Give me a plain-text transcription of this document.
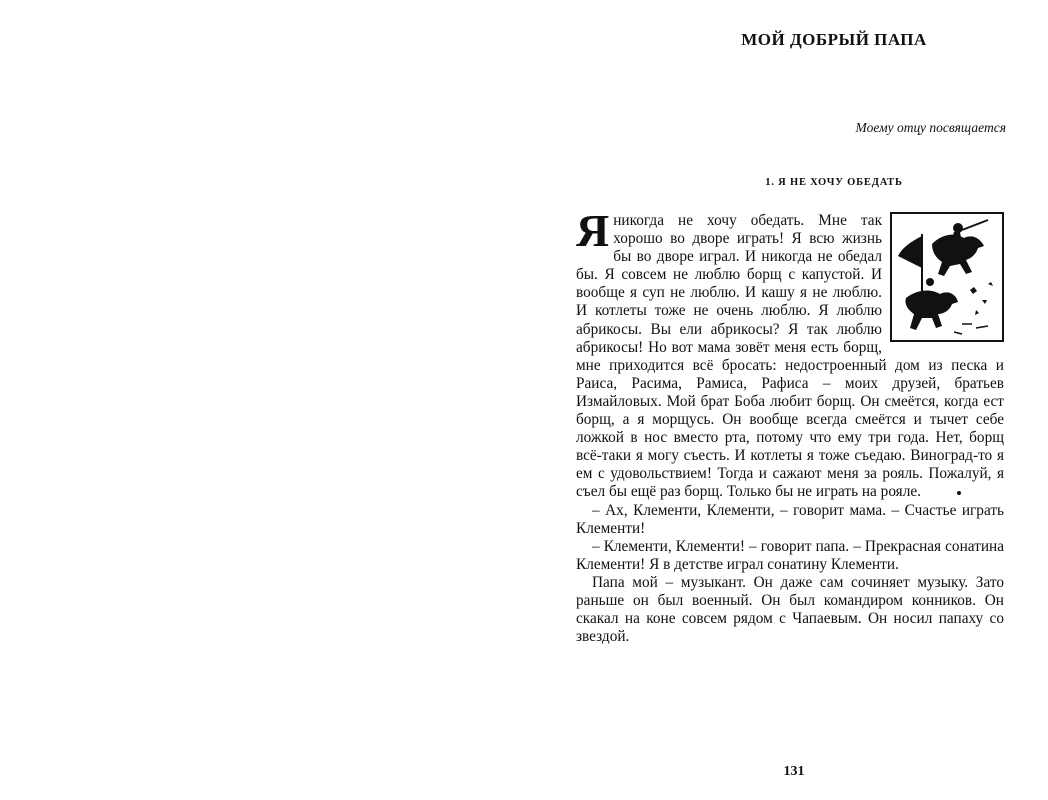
МОЙ ДОБРЫЙ ПАПА
Моему отцу посвящается
1. Я НЕ ХОЧУ ОБЕДАТЬ

Яникогда не хочу обедать. Мне так хорошо во дворе играть! Я всю жизнь бы во дворе играл. И никогда не обедал бы. Я совсем не люблю борщ с капустой. И вообще я суп не люблю. И кашу я не люблю. И котлеты тоже не очень люблю. Я люблю абрикосы. Вы ели абрикосы? Я так люблю абрикосы! Но вот мама зовёт меня есть борщ, мне приходится всё бросать: недостроенный дом из песка и Раиса, Расима, Рамиса, Рафиса – моих друзей, братьев Измайловых. Мой брат Боба любит борщ. Он смеётся, когда ест борщ, а я морщусь. Он вообще всегда смеётся и тычет себе ложкой в нос вместо рта, потому что ему три года. Нет, борщ всё-таки я могу съесть. И котлеты я тоже съедаю. Виноград-то я ем с удовольствием! Тогда и сажают меня за рояль. Пожалуй, я съел бы ещё раз борщ. Только бы не играть на рояле.

– Ах, Клементи, Клементи, – говорит мама. – Счастье играть Клементи!

– Клементи, Клементи! – говорит папа. – Прекрасная сонатина Клементи! Я в детстве играл сонатину Клементи.

Папа мой – музыкант. Он даже сам сочиняет музыку. Зато раньше он был военный. Он был командиром конников. Он скакал на коне совсем рядом с Чапаевым. Он носил папаху со звездой.

131
